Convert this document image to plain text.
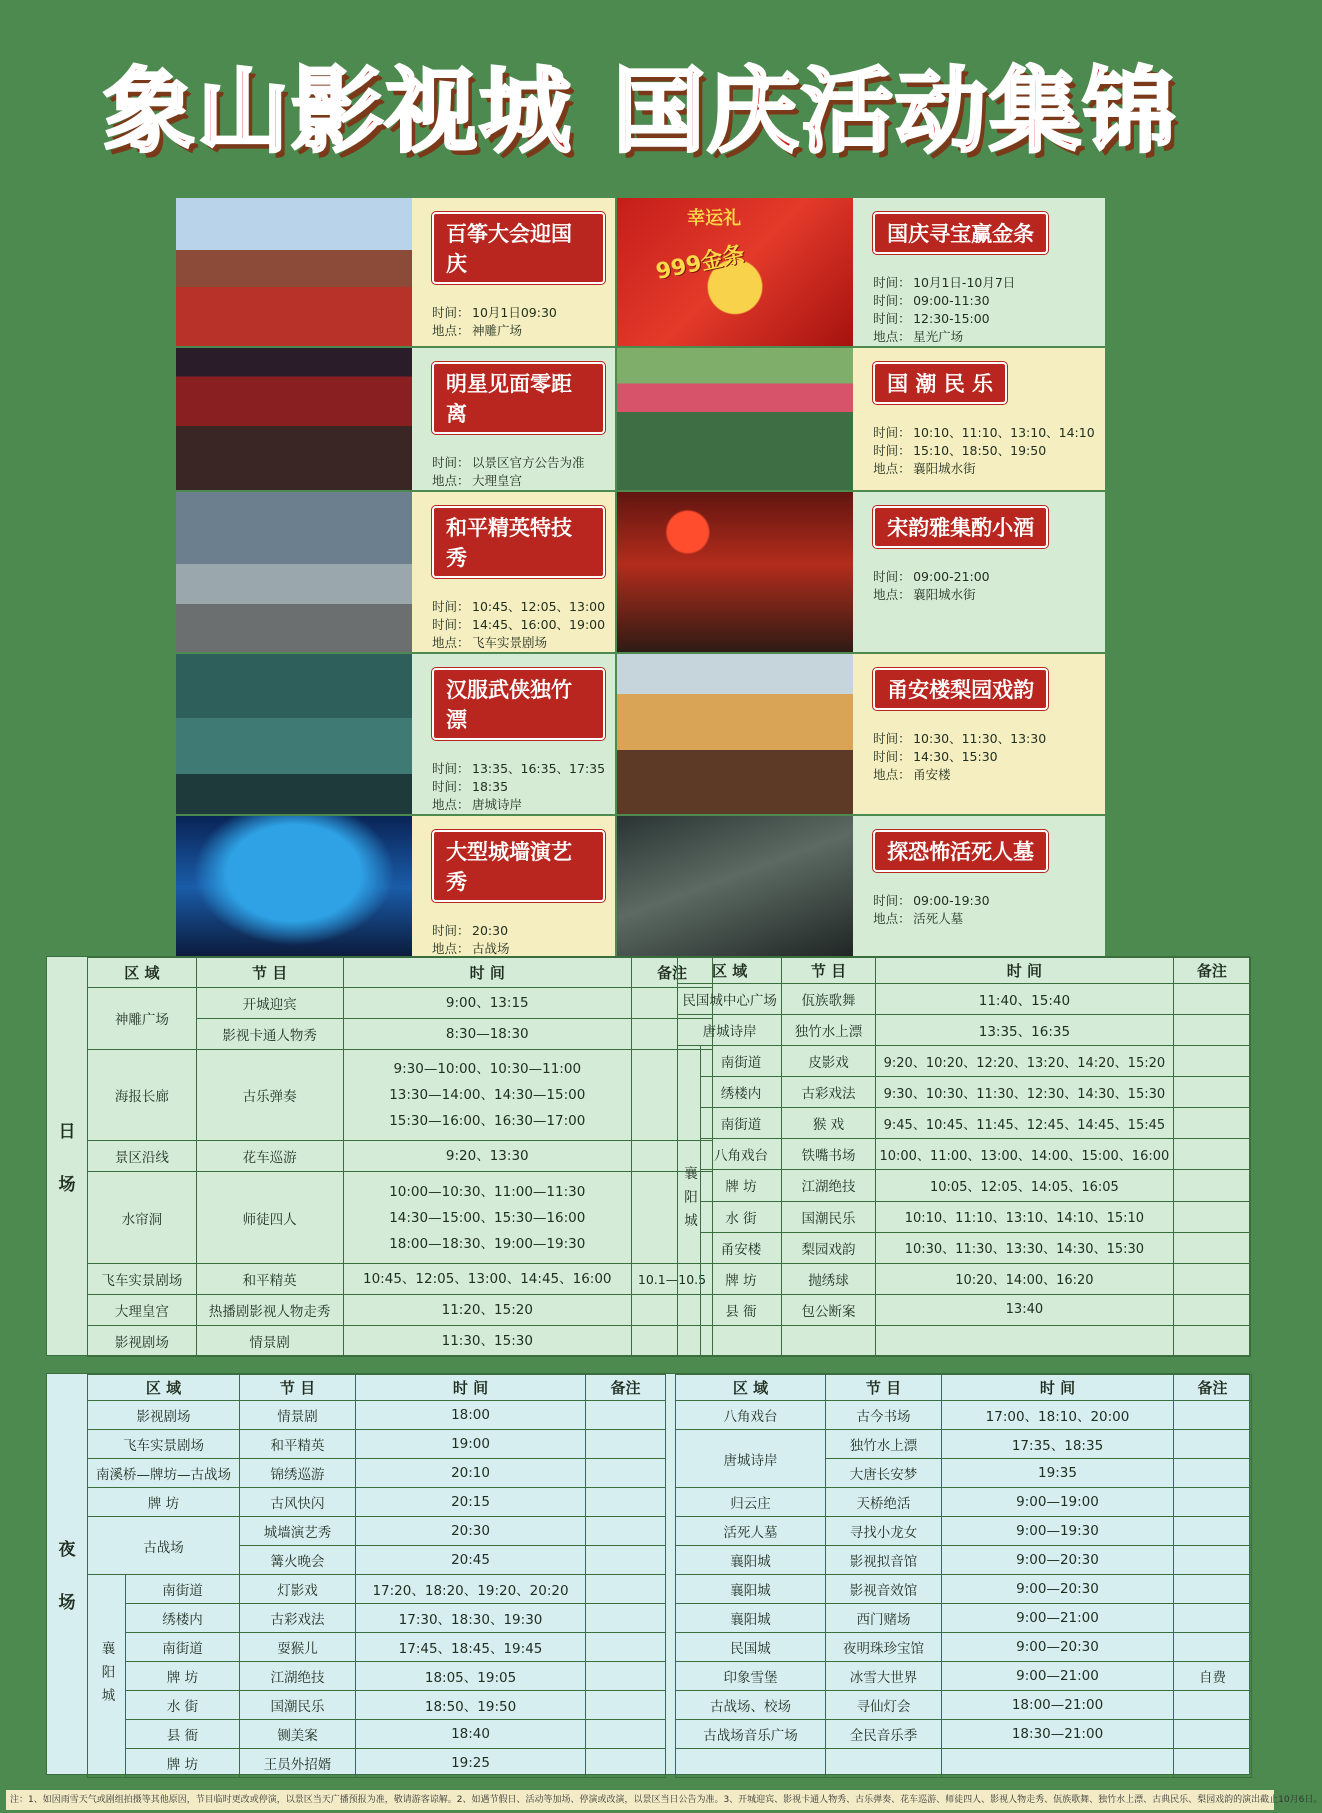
象山影视城 国庆活动集锦
百筝大会迎国庆
时间： 10月1日09:30
地点： 神雕广场
幸运礼
999金条
国庆寻宝赢金条
时间： 10月1日-10月7日
时间： 09:00-11:30
时间： 12:30-15:00
地点： 星光广场
明星见面零距离
时间： 以景区官方公告为准
地点： 大理皇宫
国 潮 民 乐
时间： 10:10、11:10、13:10、14:10
时间： 15:10、18:50、19:50
地点： 襄阳城水街
和平精英特技秀
时间： 10:45、12:05、13:00
时间： 14:45、16:00、19:00
地点： 飞车实景剧场
宋韵雅集酌小酒
时间： 09:00-21:00
地点： 襄阳城水街
汉服武侠独竹漂
时间： 13:35、16:35、17:35
时间： 18:35
地点： 唐城诗岸
甬安楼梨园戏韵
时间： 10:30、11:30、13:30
时间： 14:30、15:30
地点： 甬安楼
大型城墙演艺秀
时间： 20:30
地点： 古战场
探恐怖活死人墓
时间： 09:00-19:30
地点： 活死人墓
日
场
区 域	节 目	时 间	备注
神雕广场	开城迎宾	9:00、13:15	

	影视卡通人物秀	8:30—18:30	

海报长廊	古乐弹奏	9:30—10:00、10:30—11:00
13:30—14:00、14:30—15:00
15:30—16:00、16:30—17:00	

景区沿线	花车巡游	9:20、13:30	

水帘洞	师徒四人	10:00—10:30、11:00—11:30
14:30—15:00、15:30—16:00
18:00—18:30、19:00—19:30	

飞车实景剧场	和平精英	10:45、12:05、13:00、14:45、16:00	10.1—10.5
大理皇宫	热播剧影视人物走秀	11:20、15:20	

影视剧场	情景剧	11:30、15:30	

区 域		节 目	时 间	备注
民国城中心广场		佤族歌舞	11:40、15:40	
唐城诗岸		独竹水上漂	13:35、16:35	
襄阳城	南街道	皮影戏	9:20、10:20、12:20、13:20、14:20、15:20	
	绣楼内	古彩戏法	9:30、10:30、11:30、12:30、14:30、15:30	
	南街道	猴 戏	9:45、10:45、11:45、12:45、14:45、15:45	
	八角戏台	铁嘴书场	10:00、11:00、13:00、14:00、15:00、16:00	
	牌 坊	江湖绝技	10:05、12:05、14:05、16:05	
	水 街	国潮民乐	10:10、11:10、13:10、14:10、15:10	
	甬安楼	梨园戏韵	10:30、11:30、13:30、14:30、15:30	
	牌 坊	抛绣球	10:20、14:00、16:20	
	县 衙	包公断案	13:40	

夜
场
区 域		节 目	时 间	备注
影视剧场		情景剧	18:00	
飞车实景剧场		和平精英	19:00	
南溪桥—牌坊—古战场		锦绣巡游	20:10	
牌 坊		古风快闪	20:15	
古战场		城墙演艺秀	20:30	
		篝火晚会	20:45	
襄阳城	南街道	灯影戏	17:20、18:20、19:20、20:20	
	绣楼内	古彩戏法	17:30、18:30、19:30	
	南街道	耍猴儿	17:45、18:45、19:45	
	牌 坊	江湖绝技	18:05、19:05	
	水 街	国潮民乐	18:50、19:50	
	县 衙	铡美案	18:40	
	牌 坊	王员外招婿	19:25	
区 域	节 目	时 间	备注
八角戏台	古今书场	17:00、18:10、20:00	
唐城诗岸	独竹水上漂	17:35、18:35	
	大唐长安梦	19:35	
归云庄	天桥绝活	9:00—19:00	
活死人墓	寻找小龙女	9:00—19:30	
襄阳城	影视拟音馆	9:00—20:30	
襄阳城	影视音效馆	9:00—20:30	
襄阳城	西门赌场	9:00—21:00	
民国城	夜明珠珍宝馆	9:00—20:30	
印象雪堡	冰雪大世界	9:00—21:00	自费
古战场、校场	寻仙灯会	18:00—21:00	
古战场音乐广场	全民音乐季	18:30—21:00	

注：1、如因雨雪天气或剧组拍摄等其他原因，节目临时更改或停演，以景区当天广播预报为准，敬请游客谅解。2、如遇节假日、活动等加场、停演或改演，以景区当日公告为准。3、开城迎宾、影视卡通人物秀、古乐弹奏、花车巡游、师徒四人、影视人物走秀、佤族歌舞、独竹水上漂、古典民乐、梨园戏韵的演出截止10月6日。
